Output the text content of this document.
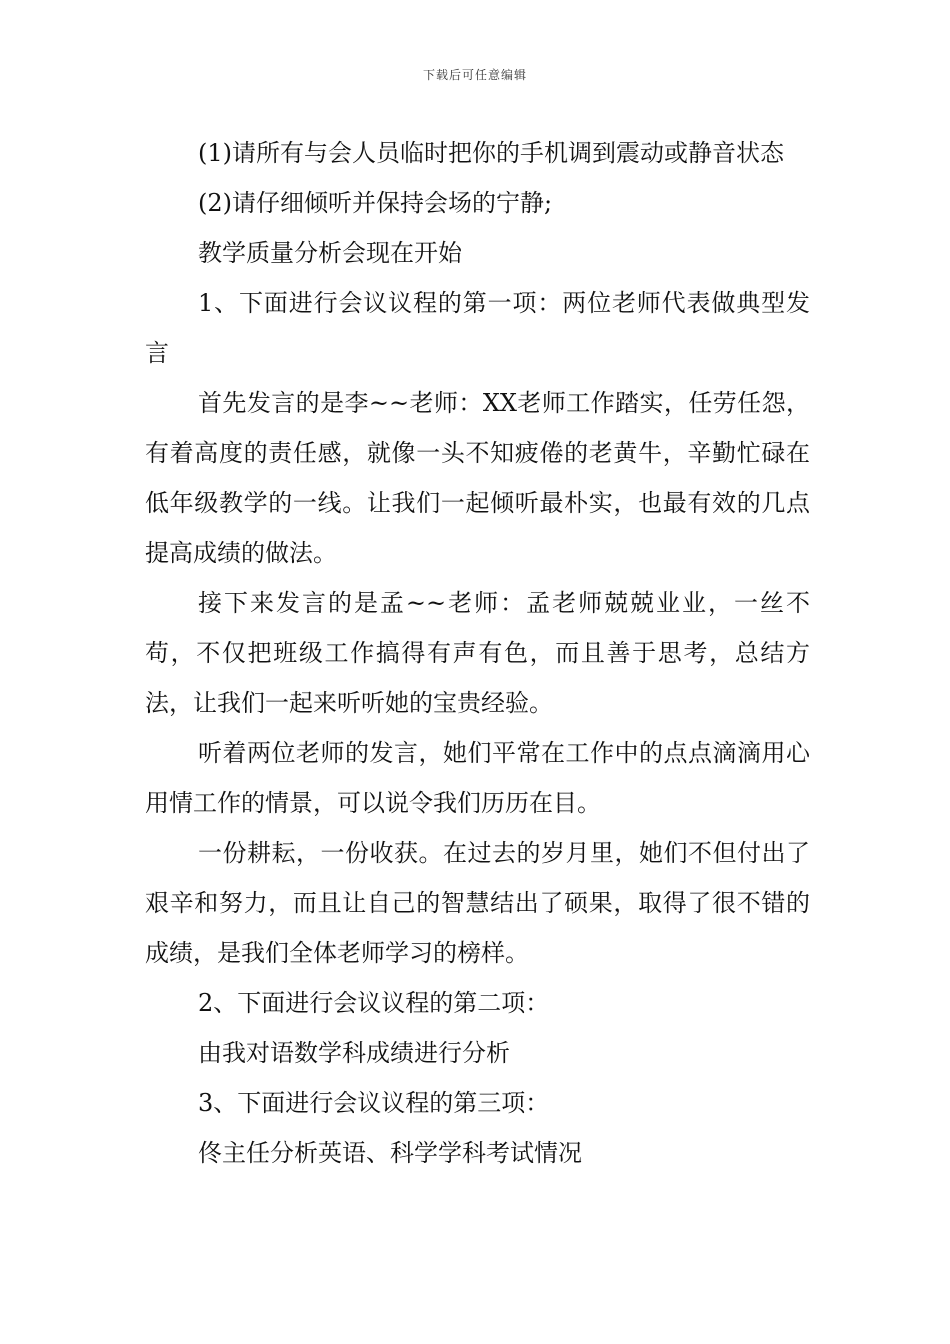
下载后可任意编辑

(1)请所有与会人员临时把你的手机调到震动或静音状态

(2)请仔细倾听并保持会场的宁静;

教学质量分析会现在开始

1、下面进行会议议程的第一项：两位老师代表做典型发言

首先发言的是李~~老师：XX老师工作踏实，任劳任怨，有着高度的责任感，就像一头不知疲倦的老黄牛，辛勤忙碌在低年级教学的一线。让我们一起倾听最朴实，也最有效的几点提高成绩的做法。

接下来发言的是孟~~老师：孟老师兢兢业业，一丝不苟，不仅把班级工作搞得有声有色，而且善于思考，总结方法，让我们一起来听听她的宝贵经验。

听着两位老师的发言，她们平常在工作中的点点滴滴用心用情工作的情景，可以说令我们历历在目。

一份耕耘，一份收获。在过去的岁月里，她们不但付出了艰辛和努力，而且让自己的智慧结出了硕果，取得了很不错的成绩，是我们全体老师学习的榜样。

2、下面进行会议议程的第二项：

由我对语数学科成绩进行分析

3、下面进行会议议程的第三项：

佟主任分析英语、科学学科考试情况
